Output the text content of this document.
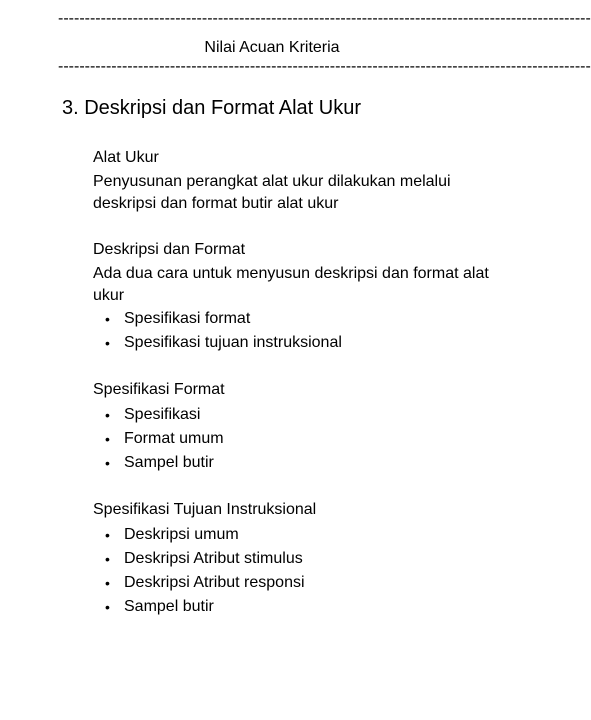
----------------------------------------------------------------------------------------------------
Nilai Acuan Kriteria
----------------------------------------------------------------------------------------------------
3. Deskripsi dan Format Alat Ukur
Alat Ukur
Penyusunan perangkat alat ukur dilakukan melalui deskripsi dan format butir alat ukur
Deskripsi dan Format
Ada dua cara untuk menyusun deskripsi dan format alat ukur
• Spesifikasi format
• Spesifikasi tujuan instruksional
Spesifikasi Format
• Spesifikasi
• Format umum
• Sampel butir
Spesifikasi Tujuan Instruksional
• Deskripsi umum
• Deskripsi Atribut stimulus
• Deskripsi Atribut responsi
• Sampel butir
